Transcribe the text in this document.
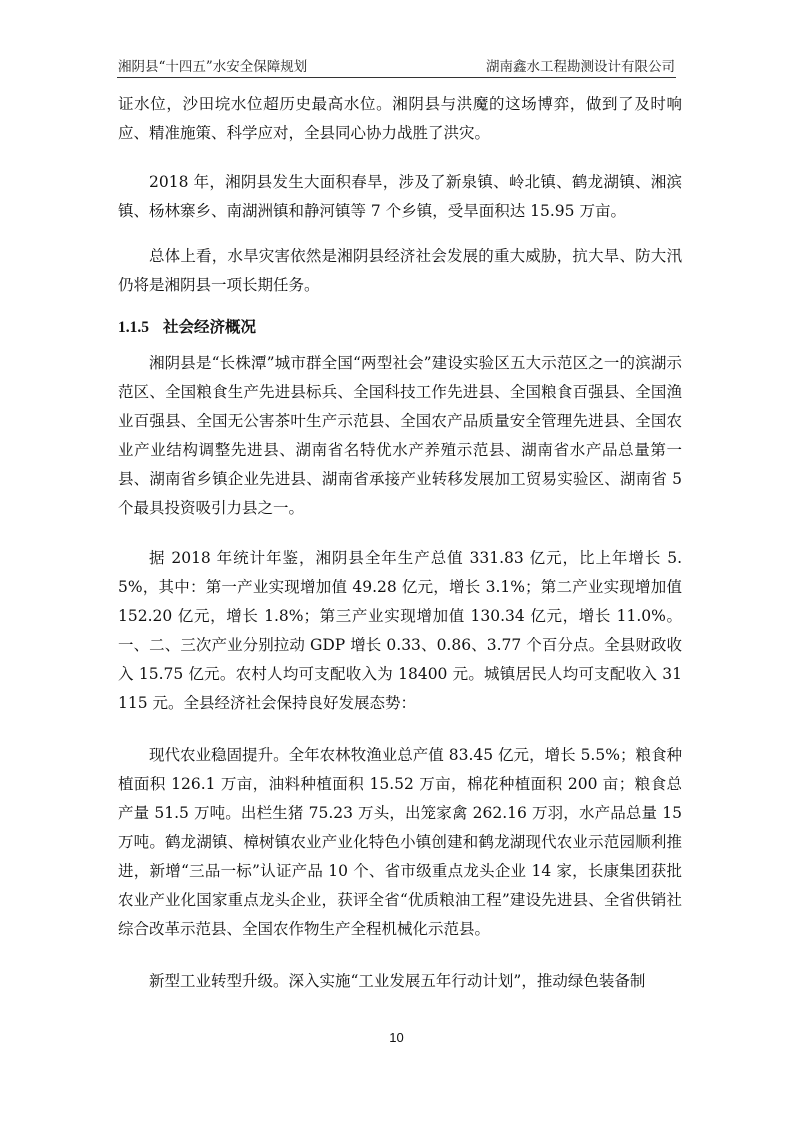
湘阴县“十四五”水安全保障规划	湖南鑫水工程勘测设计有限公司

证水位，沙田垸水位超历史最高水位。湘阴县与洪魔的这场博弈，做到了及时响应、精准施策、科学应对，全县同心协力战胜了洪灾。

2018 年，湘阴县发生大面积春旱，涉及了新泉镇、岭北镇、鹤龙湖镇、湘滨镇、杨林寨乡、南湖洲镇和静河镇等 7 个乡镇，受旱面积达 15.95 万亩。

总体上看，水旱灾害依然是湘阴县经济社会发展的重大威胁，抗大旱、防大汛仍将是湘阴县一项长期任务。

1.1.5 社会经济概况

湘阴县是“长株潭”城市群全国“两型社会”建设实验区五大示范区之一的滨湖示范区、全国粮食生产先进县标兵、全国科技工作先进县、全国粮食百强县、全国渔业百强县、全国无公害茶叶生产示范县、全国农产品质量安全管理先进县、全国农业产业结构调整先进县、湖南省名特优水产养殖示范县、湖南省水产品总量第一县、湖南省乡镇企业先进县、湖南省承接产业转移发展加工贸易实验区、湖南省 5 个最具投资吸引力县之一。

据 2018 年统计年鉴，湘阴县全年生产总值 331.83 亿元，比上年增长 5.5%，其中：第一产业实现增加值 49.28 亿元，增长 3.1%；第二产业实现增加值 152.20 亿元，增长 1.8%；第三产业实现增加值 130.34 亿元，增长 11.0%。一、二、三次产业分别拉动 GDP 增长 0.33、0.86、3.77 个百分点。全县财政收入 15.75 亿元。农村人均可支配收入为 18400 元。城镇居民人均可支配收入 31115 元。全县经济社会保持良好发展态势：

现代农业稳固提升。全年农林牧渔业总产值 83.45 亿元，增长 5.5%；粮食种植面积 126.1 万亩，油料种植面积 15.52 万亩，棉花种植面积 200 亩；粮食总产量 51.5 万吨。出栏生猪 75.23 万头，出笼家禽 262.16 万羽，水产品总量 15 万吨。鹤龙湖镇、樟树镇农业产业化特色小镇创建和鹤龙湖现代农业示范园顺利推进，新增“三品一标”认证产品 10 个、省市级重点龙头企业 14 家，长康集团获批农业产业化国家重点龙头企业，获评全省“优质粮油工程”建设先进县、全省供销社综合改革示范县、全国农作物生产全程机械化示范县。

新型工业转型升级。深入实施“工业发展五年行动计划”，推动绿色装备制

10
